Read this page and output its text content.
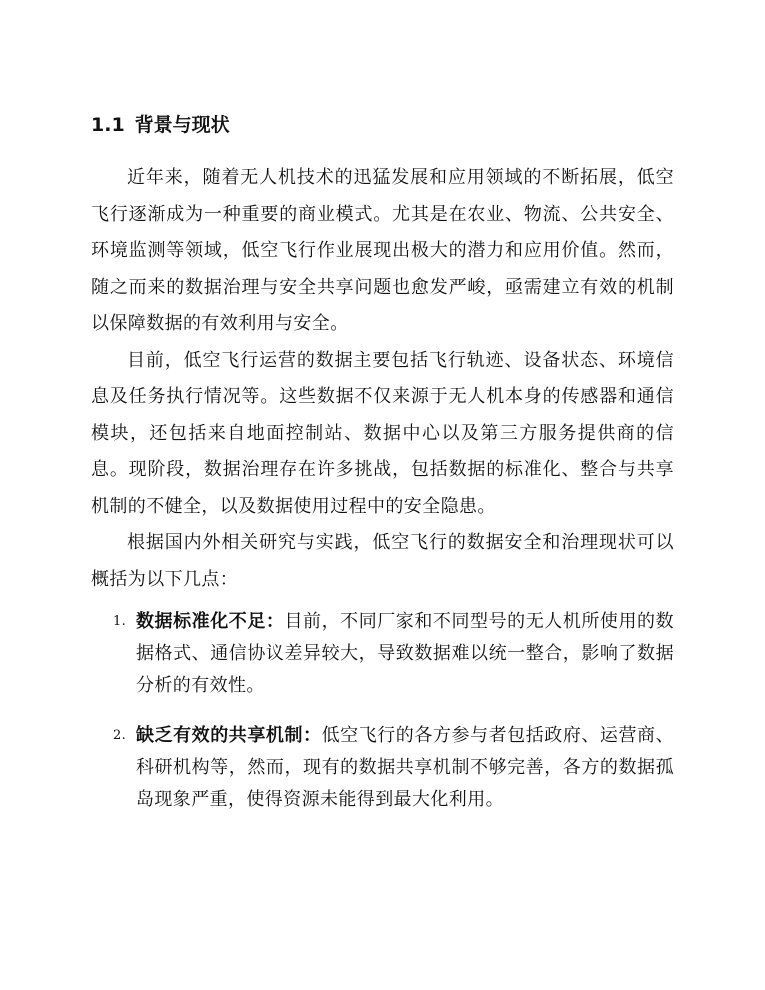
1.1 背景与现状

近年来，随着无人机技术的迅猛发展和应用领域的不断拓展，低空飞行逐渐成为一种重要的商业模式。尤其是在农业、物流、公共安全、环境监测等领域，低空飞行作业展现出极大的潜力和应用价值。然而，随之而来的数据治理与安全共享问题也愈发严峻，亟需建立有效的机制以保障数据的有效利用与安全。

目前，低空飞行运营的数据主要包括飞行轨迹、设备状态、环境信息及任务执行情况等。这些数据不仅来源于无人机本身的传感器和通信模块，还包括来自地面控制站、数据中心以及第三方服务提供商的信息。现阶段，数据治理存在许多挑战，包括数据的标准化、整合与共享机制的不健全，以及数据使用过程中的安全隐患。

根据国内外相关研究与实践，低空飞行的数据安全和治理现状可以概括为以下几点：

1. 数据标准化不足：目前，不同厂家和不同型号的无人机所使用的数据格式、通信协议差异较大，导致数据难以统一整合，影响了数据分析的有效性。
2. 缺乏有效的共享机制：低空飞行的各方参与者包括政府、运营商、科研机构等，然而，现有的数据共享机制不够完善，各方的数据孤岛现象严重，使得资源未能得到最大化利用。
